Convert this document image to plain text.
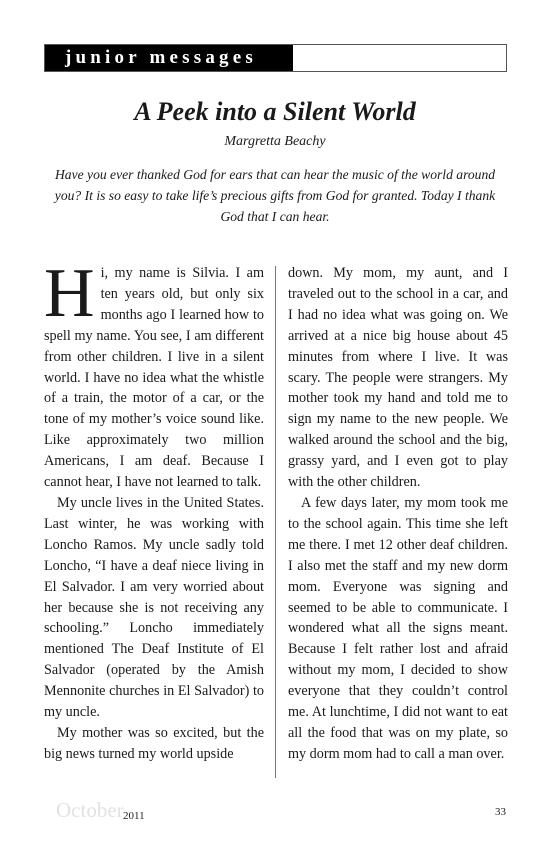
junior messages
A Peek into a Silent World
Margretta Beachy
Have you ever thanked God for ears that can hear the music of the world around you? It is so easy to take life’s precious gifts from God for granted. Today I thank God that I can hear.

Hi, my name is Silvia. I am ten years old, but only six months ago I learned how to spell my name. You see, I am different from other children. I live in a silent world. I have no idea what the whistle of a train, the motor of a car, or the tone of my mother’s voice sound like. Like approximately two million Americans, I am deaf. Because I cannot hear, I have not learned to talk.

My uncle lives in the United States. Last winter, he was working with Loncho Ramos. My uncle sadly told Loncho, “I have a deaf niece living in El Salvador. I am very worried about her because she is not receiving any schooling.” Loncho immediately mentioned The Deaf Institute of El Salvador (operated by the Amish Mennonite churches in El Salvador) to my uncle.

My mother was so excited, but the big news turned my world upside

down. My mom, my aunt, and I traveled out to the school in a car, and I had no idea what was going on. We arrived at a nice big house about 45 minutes from where I live. It was scary. The people were strangers. My mother took my hand and told me to sign my name to the new people. We walked around the school and the big, grassy yard, and I even got to play with the other children.

A few days later, my mom took me to the school again. This time she left me there. I met 12 other deaf children. I also met the staff and my new dorm mom. Everyone was signing and seemed to be able to communicate. I wondered what all the signs meant. Because I felt rather lost and afraid without my mom, I decided to show everyone that they couldn’t control me. At lunchtime, I did not want to eat all the food that was on my plate, so my dorm mom had to call a man over.

October 2011	33
